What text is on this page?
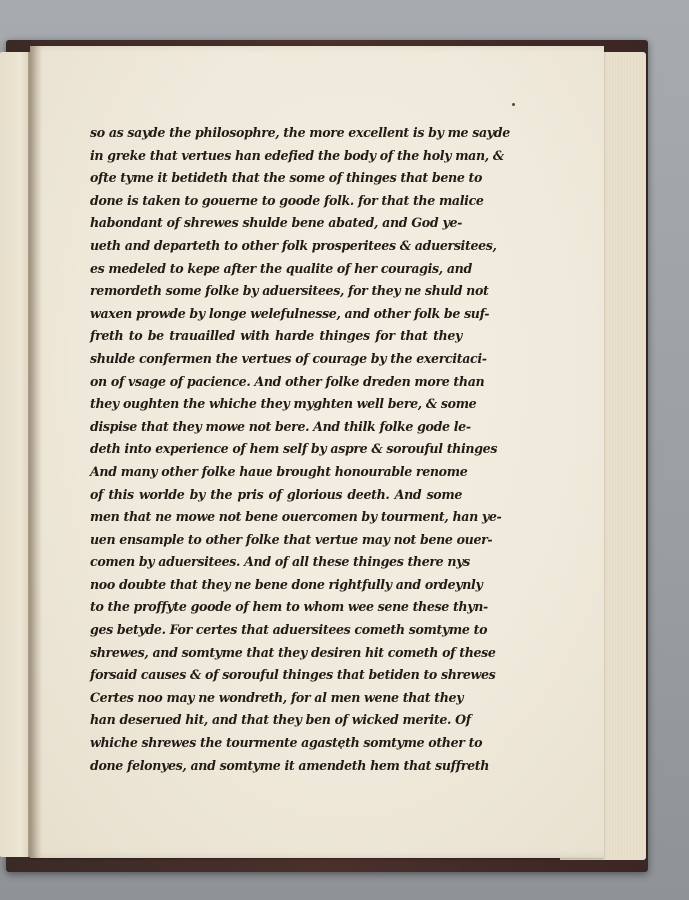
so as sayde the philosophre, the more excellent is by me sayde
in greke that vertues han edefied the body of the holy man, &
ofte tyme it betideth that the some of thinges that bene to
done is taken to gouerne to goode folk. for that the malice
habondant of shrewes shulde bene abated, and God ye-
ueth and departeth to other folk prosperitees & aduersitees,
es medeled to kepe after the qualite of her couragis, and
remordeth some folke by aduersitees, for they ne shuld not
waxen prowde by longe welefulnesse, and other folk be suf-
freth to be trauailled with harde thinges for that they
shulde confermen the vertues of courage by the exercitaci-
on of vsage of pacience. And other folke dreden more than
they oughten the whiche they myghten well bere, & some
dispise that they mowe not bere. And thilk folke gode le-
deth into experience of hem self by aspre & sorouful thinges
And many other folke haue brought honourable renome
of this worlde by the pris of glorious deeth. And some
men that ne mowe not bene ouercomen by tourment, han ye-
uen ensample to other folke that vertue may not bene ouer-
comen by aduersitees. And of all these thinges there nys
noo doubte that they ne bene done rightfully and ordeynly
to the proffyte goode of hem to whom wee sene these thyn-
ges betyde. For certes that aduersitees cometh somtyme to
shrewes, and somtyme that they desiren hit cometh of these
forsaid causes & of sorouful thinges that betiden to shrewes
Certes noo may ne wondreth, for al men wene that they
han deserued hit, and that they ben of wicked merite. Of
whiche shrewes the tourmente agasteth somtyme other to
done felonyes, and somtyme it amendeth hem that suffreth
